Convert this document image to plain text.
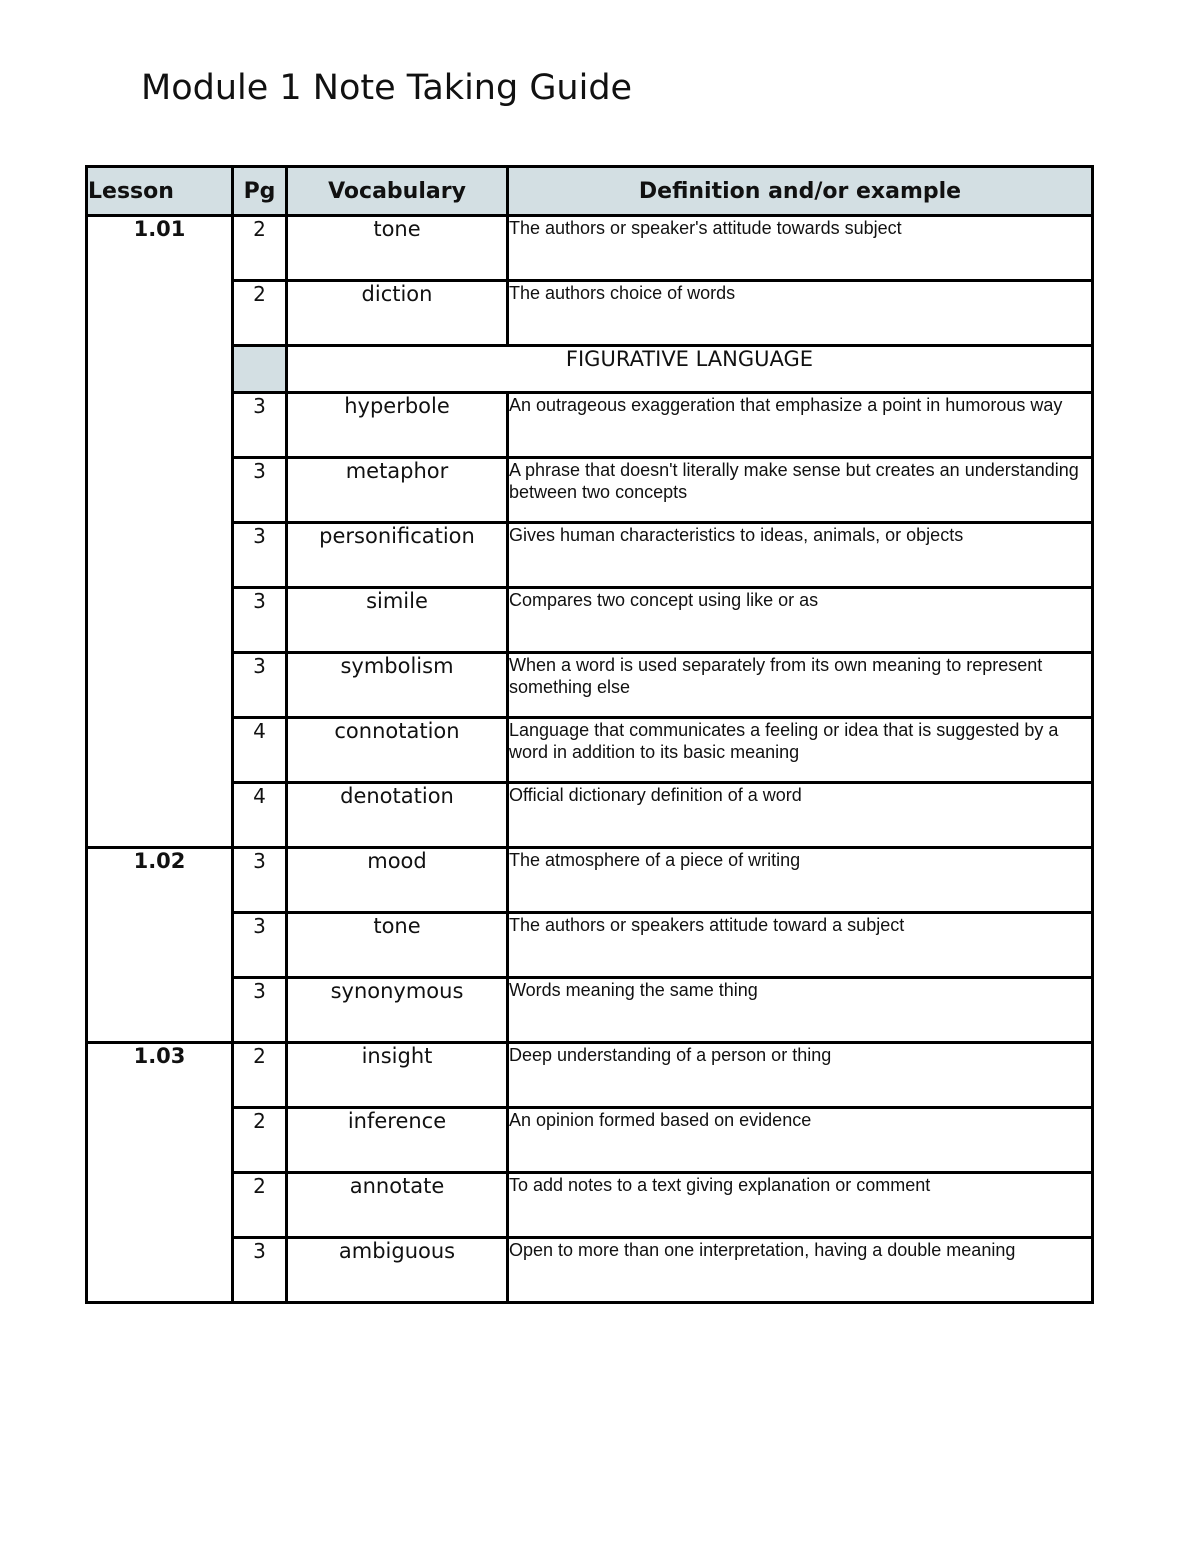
Module 1 Note Taking Guide
Lesson	Pg	Vocabulary	Definition and/or example	
1.01	2	tone	The authors or speaker's attitude towards subject	
	2	diction	The authors choice of words	
		FIGURATIVE LANGUAGE		
	3	hyperbole	An outrageous exaggeration that emphasize a point in humorous way	
	3	metaphor	A phrase that doesn't literally make sense but creates an understanding between two concepts	
	3	personification	Gives human characteristics to ideas, animals, or objects	
	3	simile	Compares two concept using like or as	
	3	symbolism	When a word is used separately from its own meaning to represent something else	
	4	connotation	Language that communicates a feeling or idea that is suggested by a word in addition to its basic meaning	
	4	denotation	Official dictionary definition of a word	
1.02	3	mood	The atmosphere of a piece of writing	
	3	tone	The authors or speakers attitude toward a subject	
	3	synonymous	Words meaning the same thing	
1.03	2	insight	Deep understanding of a person or thing	
	2	inference	An opinion formed based on evidence	
	2	annotate	To add notes to a text giving explanation or comment	
	3	ambiguous	Open to more than one interpretation, having a double meaning	
